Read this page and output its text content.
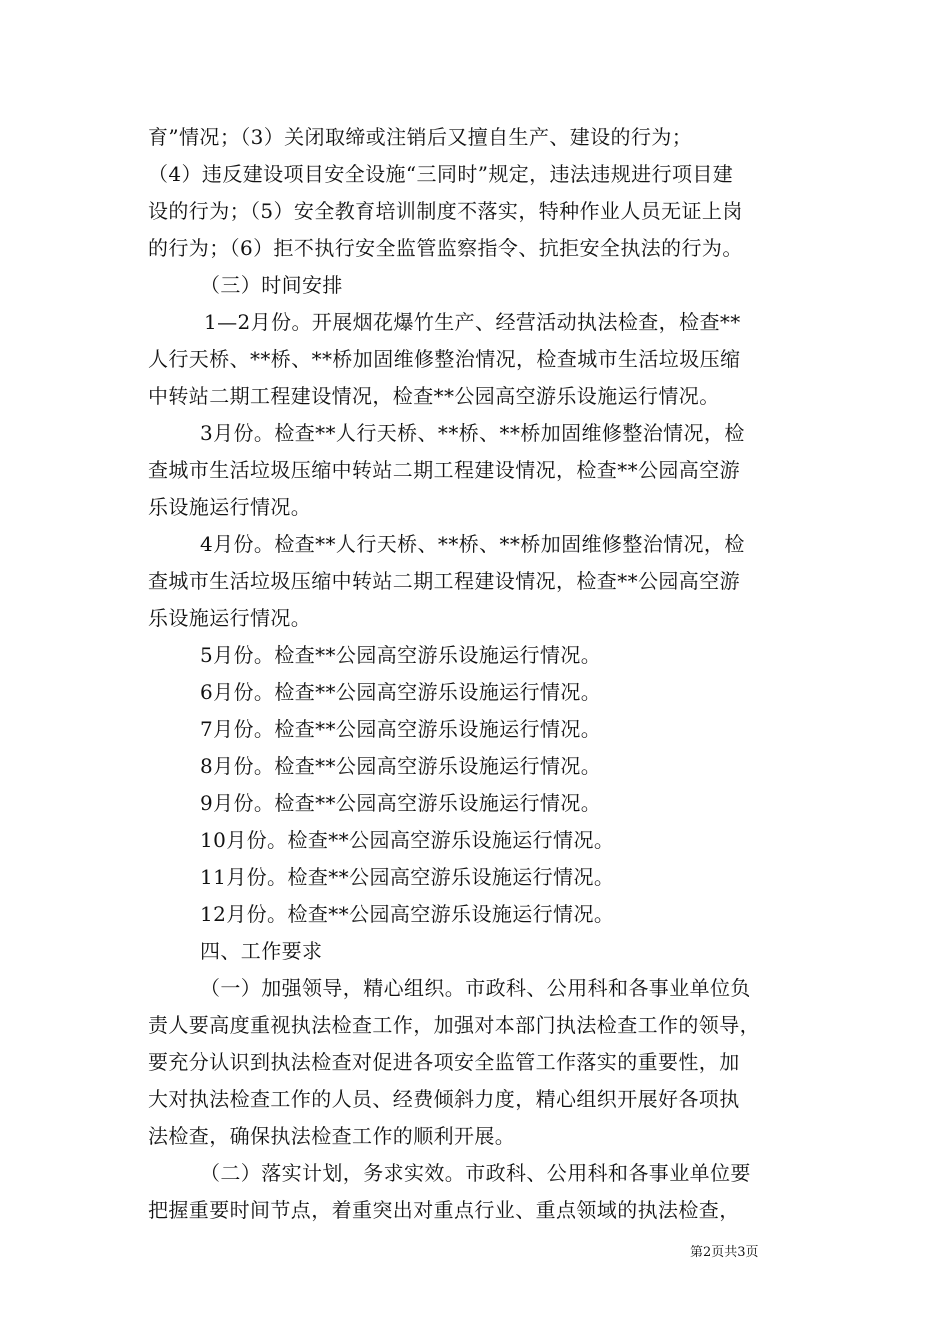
育”情况；（3）关闭取缔或注销后又擅自生产、建设的行为；
（4）违反建设项目安全设施“三同时”规定，违法违规进行项目建
设的行为；（5）安全教育培训制度不落实，特种作业人员无证上岗
的行为；（6）拒不执行安全监管监察指令、抗拒安全执法的行为。
（三）时间安排
1—2月份。开展烟花爆竹生产、经营活动执法检查，检查**
人行天桥、**桥、**桥加固维修整治情况，检查城市生活垃圾压缩
中转站二期工程建设情况，检查**公园高空游乐设施运行情况。
3月份。检查**人行天桥、**桥、**桥加固维修整治情况，检
查城市生活垃圾压缩中转站二期工程建设情况，检查**公园高空游
乐设施运行情况。
4月份。检查**人行天桥、**桥、**桥加固维修整治情况，检
查城市生活垃圾压缩中转站二期工程建设情况，检查**公园高空游
乐设施运行情况。
5月份。检查**公园高空游乐设施运行情况。
6月份。检查**公园高空游乐设施运行情况。
7月份。检查**公园高空游乐设施运行情况。
8月份。检查**公园高空游乐设施运行情况。
9月份。检查**公园高空游乐设施运行情况。
10月份。检查**公园高空游乐设施运行情况。
11月份。检查**公园高空游乐设施运行情况。
12月份。检查**公园高空游乐设施运行情况。
四、工作要求
（一）加强领导，精心组织。市政科、公用科和各事业单位负
责人要高度重视执法检查工作，加强对本部门执法检查工作的领导，
要充分认识到执法检查对促进各项安全监管工作落实的重要性，加
大对执法检查工作的人员、经费倾斜力度，精心组织开展好各项执
法检查，确保执法检查工作的顺利开展。
（二）落实计划，务求实效。市政科、公用科和各事业单位要
把握重要时间节点，着重突出对重点行业、重点领域的执法检查，
第2页共3页
